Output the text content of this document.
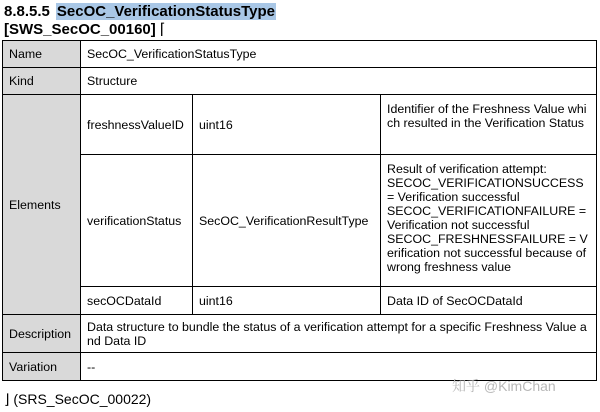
8.8.5.5 SecOC_VerificationStatusType
[SWS_SecOC_00160] ⌈
Name	SecOC_VerificationStatusType		
Kind	Structure		
Elements	freshnessValueID	uint16	Identifier of the Freshness Value which resulted in the Verification Status
	verificationStatus	SecOC_VerificationResultType	Result of verification attempt:
SECOC_VERIFICATIONSUCCESS = Verification successful
SECOC_VERIFICATIONFAILURE = Verification not successful
SECOC_FRESHNESSFAILURE = Verification not successful because of wrong freshness value

	secOCDataId	uint16	Data ID of SecOCDataId
Description	Data structure to bundle the status of a verification attempt for a specific Freshness Value and Data ID		
Variation	--		
知乎 @KimChan
⌋ (SRS_SecOC_00022)
